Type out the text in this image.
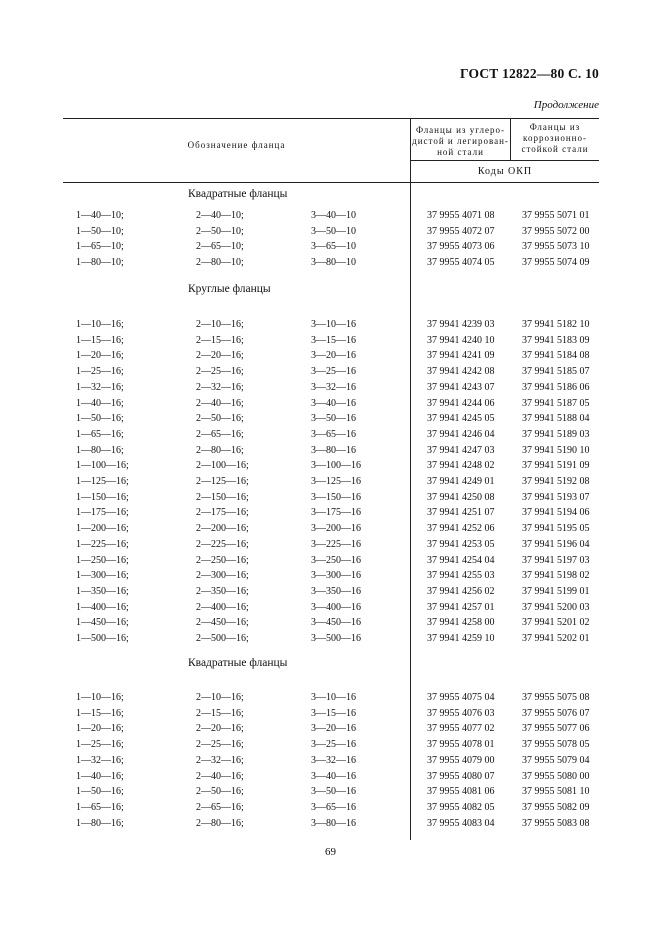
ГОСТ 12822—80 С. 10
Продолжение
Обозначение фланца
Фланцы из углеро-
дистой и легирован-
ной стали
Фланцы из
коррозионно-
стойкой стали
Коды ОКП
Квадратные фланцы
1—40—10;	2—40—10;	3—40—10	37 9955 4071 08	37 9955 5071 01
1—50—10;	2—50—10;	3—50—10	37 9955 4072 07	37 9955 5072 00
1—65—10;	2—65—10;	3—65—10	37 9955 4073 06	37 9955 5073 10
1—80—10;	2—80—10;	3—80—10	37 9955 4074 05	37 9955 5074 09
Круглые фланцы
1—10—16;	2—10—16;	3—10—16	37 9941 4239 03	37 9941 5182 10
1—15—16;	2—15—16;	3—15—16	37 9941 4240 10	37 9941 5183 09
1—20—16;	2—20—16;	3—20—16	37 9941 4241 09	37 9941 5184 08
1—25—16;	2—25—16;	3—25—16	37 9941 4242 08	37 9941 5185 07
1—32—16;	2—32—16;	3—32—16	37 9941 4243 07	37 9941 5186 06
1—40—16;	2—40—16;	3—40—16	37 9941 4244 06	37 9941 5187 05
1—50—16;	2—50—16;	3—50—16	37 9941 4245 05	37 9941 5188 04
1—65—16;	2—65—16;	3—65—16	37 9941 4246 04	37 9941 5189 03
1—80—16;	2—80—16;	3—80—16	37 9941 4247 03	37 9941 5190 10
1—100—16;	2—100—16;	3—100—16	37 9941 4248 02	37 9941 5191 09
1—125—16;	2—125—16;	3—125—16	37 9941 4249 01	37 9941 5192 08
1—150—16;	2—150—16;	3—150—16	37 9941 4250 08	37 9941 5193 07
1—175—16;	2—175—16;	3—175—16	37 9941 4251 07	37 9941 5194 06
1—200—16;	2—200—16;	3—200—16	37 9941 4252 06	37 9941 5195 05
1—225—16;	2—225—16;	3—225—16	37 9941 4253 05	37 9941 5196 04
1—250—16;	2—250—16;	3—250—16	37 9941 4254 04	37 9941 5197 03
1—300—16;	2—300—16;	3—300—16	37 9941 4255 03	37 9941 5198 02
1—350—16;	2—350—16;	3—350—16	37 9941 4256 02	37 9941 5199 01
1—400—16;	2—400—16;	3—400—16	37 9941 4257 01	37 9941 5200 03
1—450—16;	2—450—16;	3—450—16	37 9941 4258 00	37 9941 5201 02
1—500—16;	2—500—16;	3—500—16	37 9941 4259 10	37 9941 5202 01
Квадратные фланцы
1—10—16;	2—10—16;	3—10—16	37 9955 4075 04	37 9955 5075 08
1—15—16;	2—15—16;	3—15—16	37 9955 4076 03	37 9955 5076 07
1—20—16;	2—20—16;	3—20—16	37 9955 4077 02	37 9955 5077 06
1—25—16;	2—25—16;	3—25—16	37 9955 4078 01	37 9955 5078 05
1—32—16;	2—32—16;	3—32—16	37 9955 4079 00	37 9955 5079 04
1—40—16;	2—40—16;	3—40—16	37 9955 4080 07	37 9955 5080 00
1—50—16;	2—50—16;	3—50—16	37 9955 4081 06	37 9955 5081 10
1—65—16;	2—65—16;	3—65—16	37 9955 4082 05	37 9955 5082 09
1—80—16;	2—80—16;	3—80—16	37 9955 4083 04	37 9955 5083 08
69
